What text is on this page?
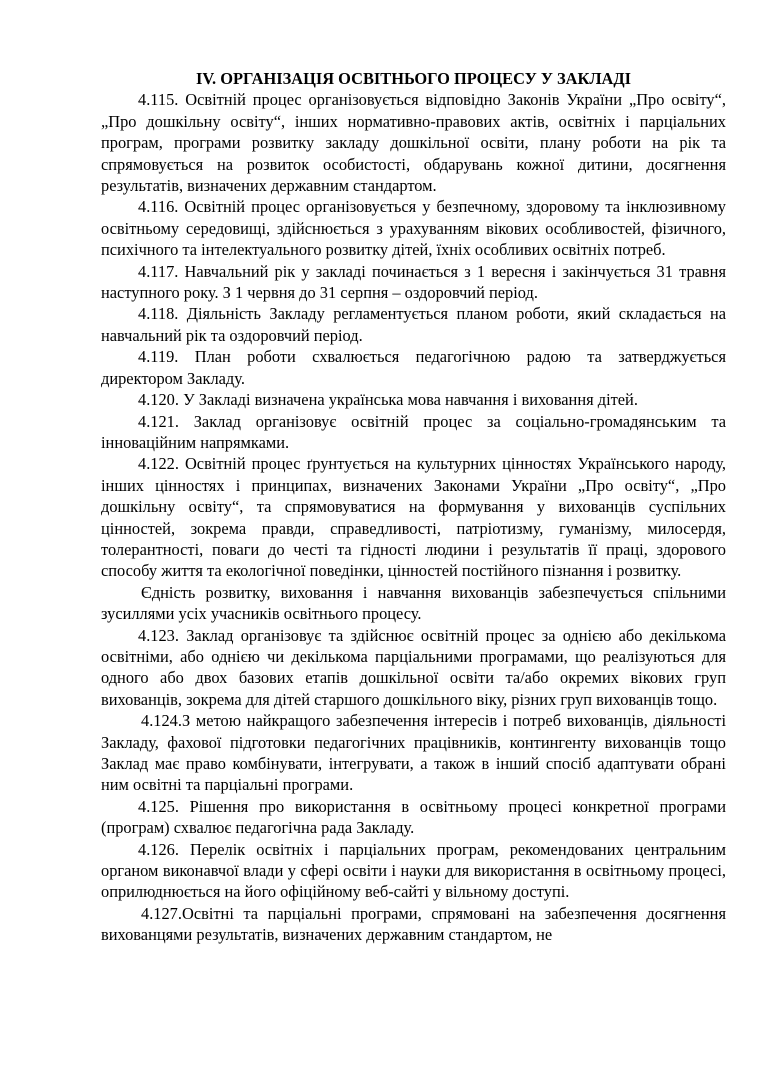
IV. ОРГАНІЗАЦІЯ ОСВІТНЬОГО ПРОЦЕСУ У ЗАКЛАДІ

4.115. Освітній процес організовується відповідно Законів України „Про освіту“, „Про дошкільну освіту“, інших нормативно-правових актів, освітніх і парціальних програм, програми розвитку закладу дошкільної освіти, плану роботи на рік та спрямовується на розвиток особистості, обдарувань кожної дитини, досягнення результатів, визначених державним стандартом.

4.116. Освітній процес організовується у безпечному, здоровому та інклюзивному освітньому середовищі, здійснюється з урахуванням вікових особливостей, фізичного, психічного та інтелектуального розвитку дітей, їхніх особливих освітніх потреб.

4.117. Навчальний рік у закладі починається з 1 вересня і закінчується 31 травня наступного року. З 1 червня до 31 серпня – оздоровчий період.

4.118. Діяльність Закладу регламентується планом роботи, який складається на навчальний рік та оздоровчий період.

4.119. План роботи схвалюється педагогічною радою та затверджується директором Закладу.

4.120. У Закладі визначена українська мова навчання і виховання дітей.

4.121. Заклад організовує освітній процес за соціально-громадянським та інноваційним напрямками.

4.122. Освітній процес ґрунтується на культурних цінностях Українського народу, інших цінностях і принципах, визначених Законами України „Про освіту“, „Про дошкільну освіту“, та спрямовуватися на формування у вихованців суспільних цінностей, зокрема правди, справедливості, патріотизму, гуманізму, милосердя, толерантності, поваги до честі та гідності людини і результатів її праці, здорового способу життя та екологічної поведінки, цінностей постійного пізнання і розвитку.

Єдність розвитку, виховання і навчання вихованців забезпечується спільними зусиллями усіх учасників освітнього процесу.

4.123. Заклад організовує та здійснює освітній процес за однією або декількома освітніми, або однією чи декількома парціальними програмами, що реалізуються для одного або двох базових етапів дошкільної освіти та/або окремих вікових груп вихованців, зокрема для дітей старшого дошкільного віку, різних груп вихованців тощо.

4.124.З метою найкращого забезпечення інтересів і потреб вихованців, діяльності Закладу, фахової підготовки педагогічних працівників, контингенту вихованців тощо Заклад має право комбінувати, інтегрувати, а також в інший спосіб адаптувати обрані ним освітні та парціальні програми.

4.125. Рішення про використання в освітньому процесі конкретної програми (програм) схвалює педагогічна рада Закладу.

4.126. Перелік освітніх і парціальних програм, рекомендованих центральним органом виконавчої влади у сфері освіти і науки для використання в освітньому процесі, оприлюднюється на його офіційному веб-сайті у вільному доступі.

4.127.Освітні та парціальні програми, спрямовані на забезпечення досягнення вихованцями результатів, визначених державним стандартом, не
